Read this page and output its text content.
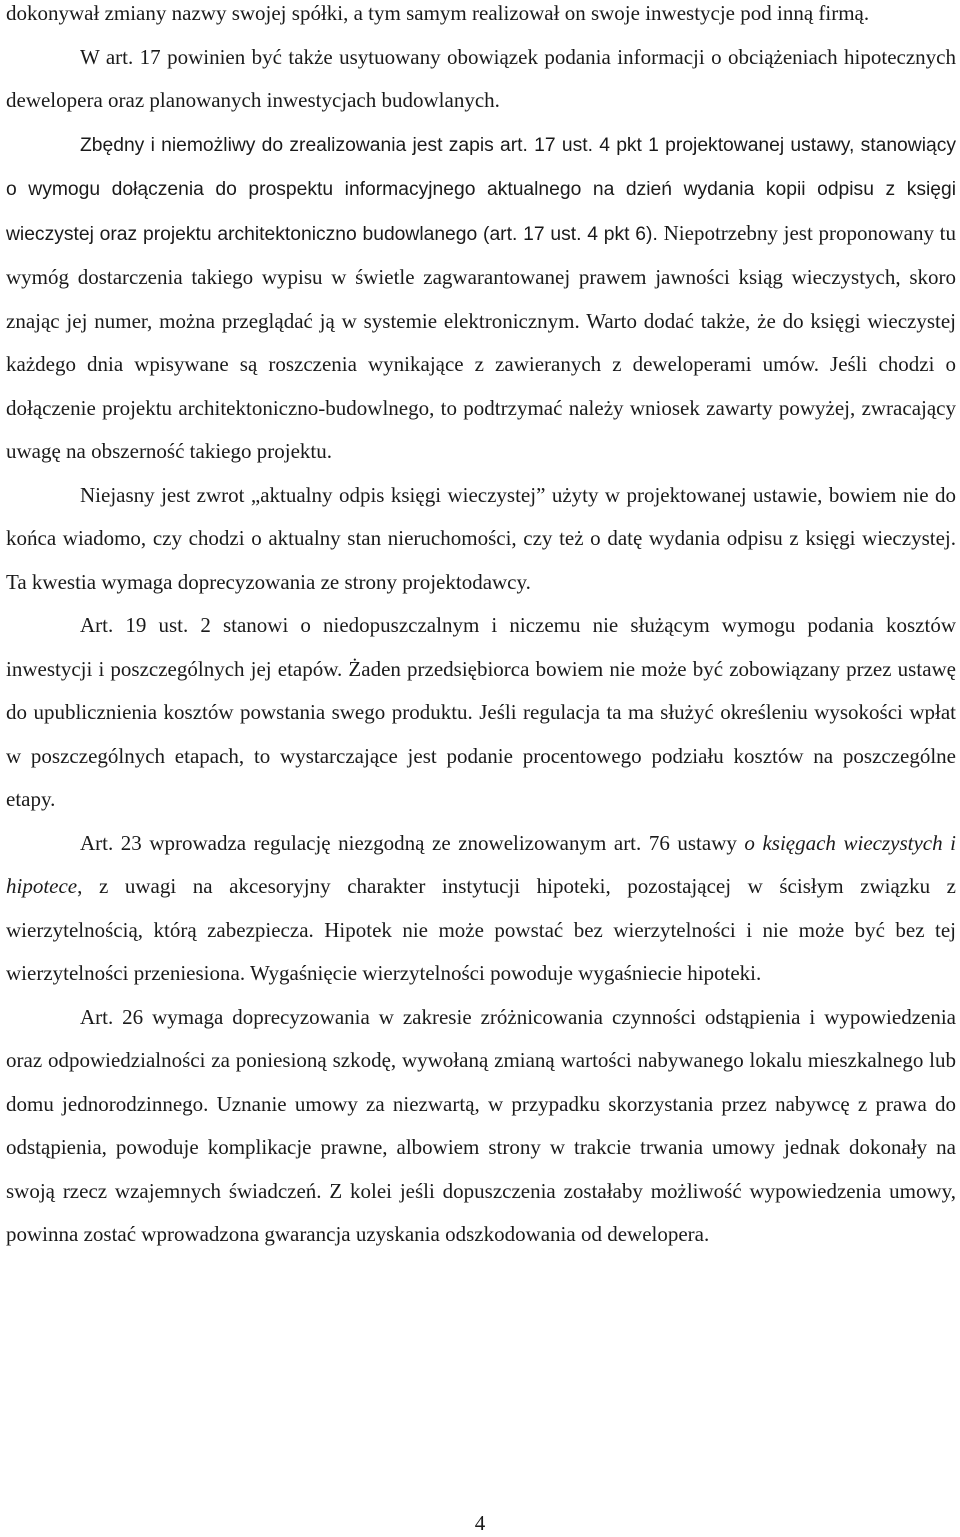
dokonywał zmiany nazwy swojej spółki, a tym samym realizował on swoje inwestycje pod inną firmą.

W art. 17 powinien być także usytuowany obowiązek podania informacji o obciążeniach hipotecznych dewelopera oraz planowanych inwestycjach budowlanych.

Zbędny i niemożliwy do zrealizowania jest zapis art. 17 ust. 4 pkt 1 projektowanej ustawy, stanowiący o wymogu dołączenia do prospektu informacyjnego aktualnego na dzień wydania kopii odpisu z księgi wieczystej oraz projektu architektoniczno budowlanego (art. 17 ust. 4 pkt 6). Niepotrzebny jest proponowany tu wymóg dostarczenia takiego wypisu w świetle zagwarantowanej prawem jawności ksiąg wieczystych, skoro znając jej numer, można przeglądać ją w systemie elektronicznym. Warto dodać także, że do księgi wieczystej każdego dnia wpisywane są roszczenia wynikające z zawieranych z deweloperami umów. Jeśli chodzi o dołączenie projektu architektoniczno-budowlnego, to podtrzymać należy wniosek zawarty powyżej, zwracający uwagę na obszerność takiego projektu.

Niejasny jest zwrot „aktualny odpis księgi wieczystej” użyty w projektowanej ustawie, bowiem nie do końca wiadomo, czy chodzi o aktualny stan nieruchomości, czy też o datę wydania odpisu z księgi wieczystej. Ta kwestia wymaga doprecyzowania ze strony projektodawcy.

Art. 19 ust. 2 stanowi o niedopuszczalnym i niczemu nie służącym wymogu podania kosztów inwestycji i poszczególnych jej etapów. Żaden przedsiębiorca bowiem nie może być zobowiązany przez ustawę do upublicznienia kosztów powstania swego produktu. Jeśli regulacja ta ma służyć określeniu wysokości wpłat w poszczególnych etapach, to wystarczające jest podanie procentowego podziału kosztów na poszczególne etapy.

Art. 23 wprowadza regulację niezgodną ze znowelizowanym art. 76 ustawy o księgach wieczystych i hipotece, z uwagi na akcesoryjny charakter instytucji hipoteki, pozostającej w ścisłym związku z wierzytelnością, którą zabezpiecza. Hipotek nie może powstać bez wierzytelności i nie może być bez tej wierzytelności przeniesiona. Wygaśnięcie wierzytelności powoduje wygaśniecie hipoteki.

Art. 26 wymaga doprecyzowania w zakresie zróżnicowania czynności odstąpienia i wypowiedzenia oraz odpowiedzialności za poniesioną szkodę, wywołaną zmianą wartości nabywanego lokalu mieszkalnego lub domu jednorodzinnego. Uznanie umowy za niezwartą, w przypadku skorzystania przez nabywcę z prawa do odstąpienia, powoduje komplikacje prawne, albowiem strony w trakcie trwania umowy jednak dokonały na swoją rzecz wzajemnych świadczeń. Z kolei jeśli dopuszczenia zostałaby możliwość wypowiedzenia umowy, powinna zostać wprowadzona gwarancja uzyskania odszkodowania od dewelopera.

4
